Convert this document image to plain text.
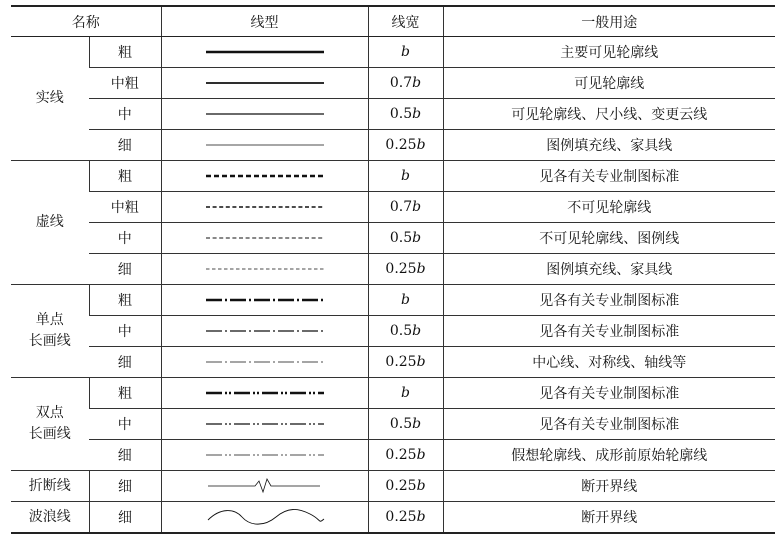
名称		线型	线宽	一般用途
实线	粗		b	主要可见轮廓线
	中粗		0.7b	可见轮廓线
	中		0.5b	可见轮廓线、尺小线、变更云线
	细		0.25b	图例填充线、家具线
虚线	粗		b	见各有关专业制图标准
	中粗		0.7b	不可见轮廓线
	中		0.5b	不可见轮廓线、图例线
	细		0.25b	图例填充线、家具线

单点
长画线	粗		b	见各有关专业制图标准
	中		0.5b	见各有关专业制图标准
	细		0.25b	中心线、对称线、轴线等

双点
长画线	粗		b	见各有关专业制图标准
	中		0.5b	见各有关专业制图标准
	细		0.25b	假想轮廓线、成形前原始轮廓线
折断线	细		0.25b	断开界线
波浪线	细		0.25b	断开界线
